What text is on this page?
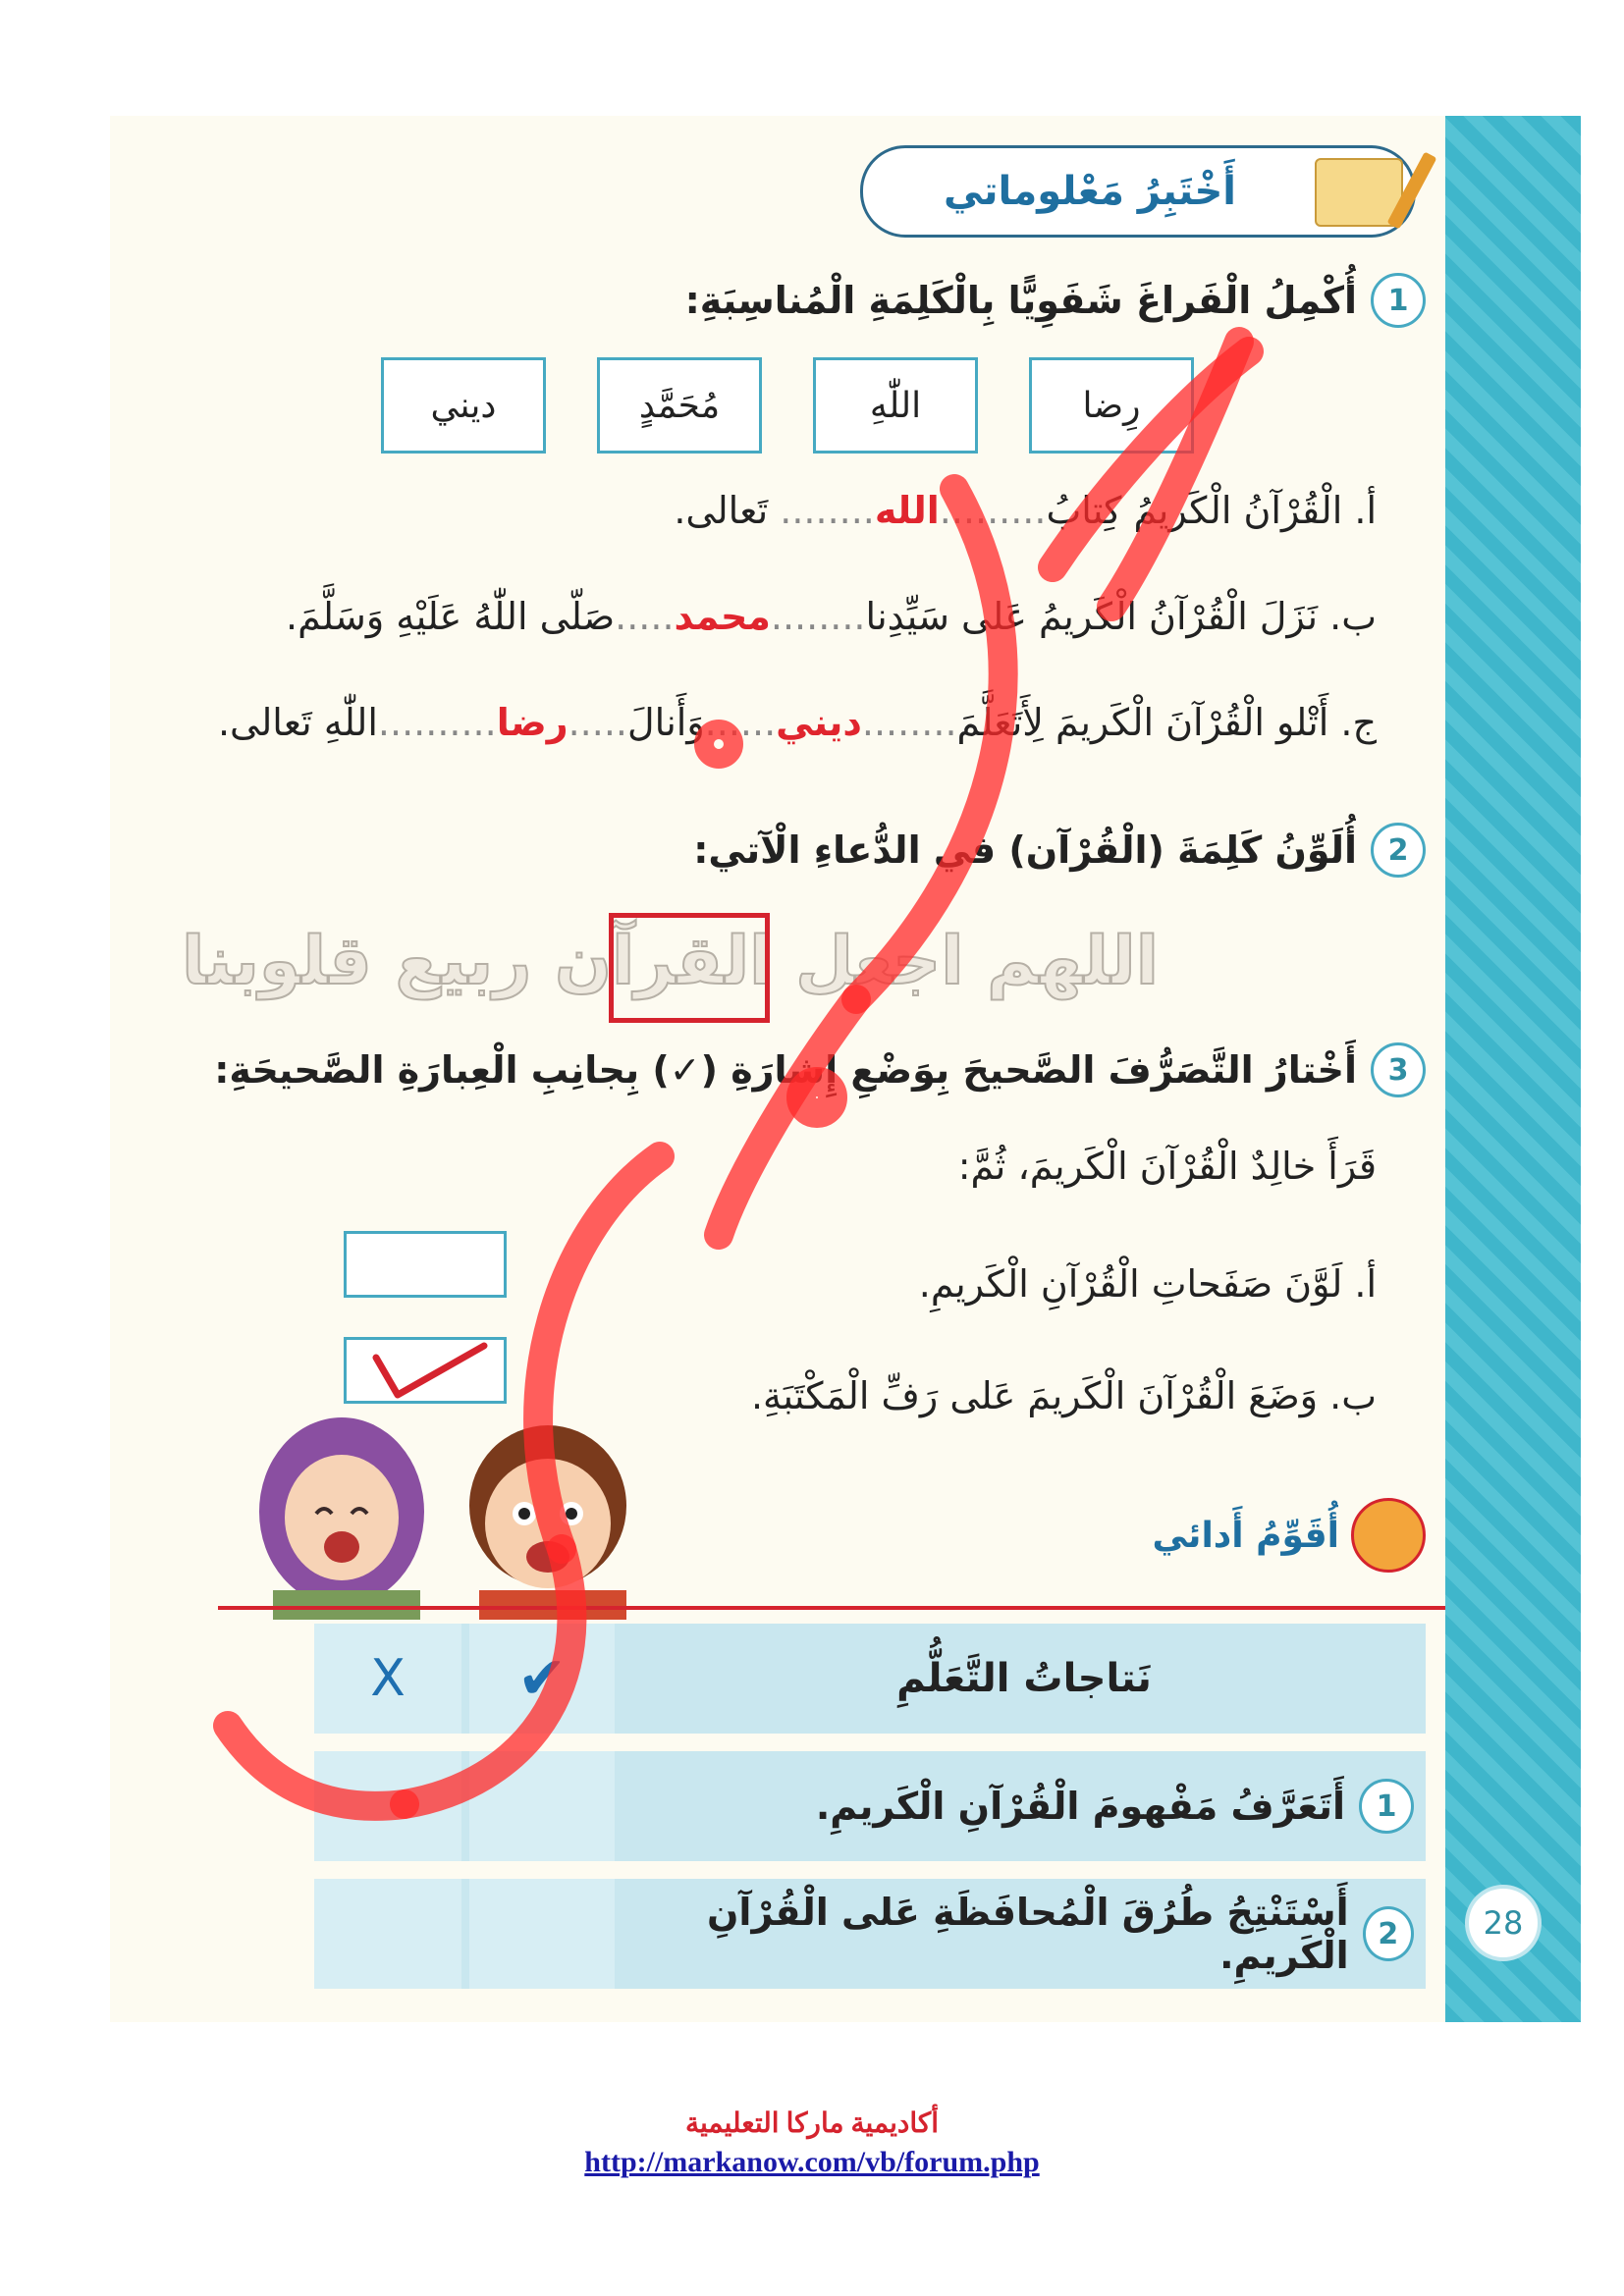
28
أَخْتَبِرُ مَعْلوماتي
1
أُكْمِلُ الْفَراغَ شَفَوِيًّا بِالْكَلِمَةِ الْمُناسِبَةِ:
رِضا
اللّٰهِ
مُحَمَّدٍ
ديني
أ. الْقُرْآنُ الْكَريمُ كِتابُ.........الله........ تَعالى.
ب. نَزَلَ الْقُرْآنُ الْكَريمُ عَلى سَيِّدِنا........محمد.....صَلّى اللّٰهُ عَلَيْهِ وَسَلَّمَ.
ج. أَتْلو الْقُرْآنَ الْكَريمَ لِأَتَعَلَّمَ........ديني......وَأَنالَ.....رضا..........اللّٰهِ تَعالى.
2
أُلَوِّنُ كَلِمَةَ (الْقُرْآن) في الدُّعاءِ الْآتي:
اللهم اجعل القرآن ربيع قلوبنا
3
أَخْتارُ التَّصَرُّفَ الصَّحيحَ بِوَضْعِ إِشارَةِ (✓) بِجانِبِ الْعِبارَةِ الصَّحيحَةِ:
قَرَأَ خالِدٌ الْقُرْآنَ الْكَريمَ، ثُمَّ:
أ. لَوَّنَ صَفَحاتِ الْقُرْآنِ الْكَريمِ.
ب. وَضَعَ الْقُرْآنَ الْكَريمَ عَلى رَفِّ الْمَكْتَبَةِ.
أُقَوِّمُ أَدائي
نَتاجاتُ التَّعَلُّمِ
✔
X
1
أَتَعَرَّفُ مَفْهومَ الْقُرْآنِ الْكَريمِ.
2
أَسْتَنْتِجُ طُرُقَ الْمُحافَظَةِ عَلى الْقُرْآنِ الْكَريمِ.
أكاديمية ماركا التعليمية
http://markanow.com/vb/forum.php
